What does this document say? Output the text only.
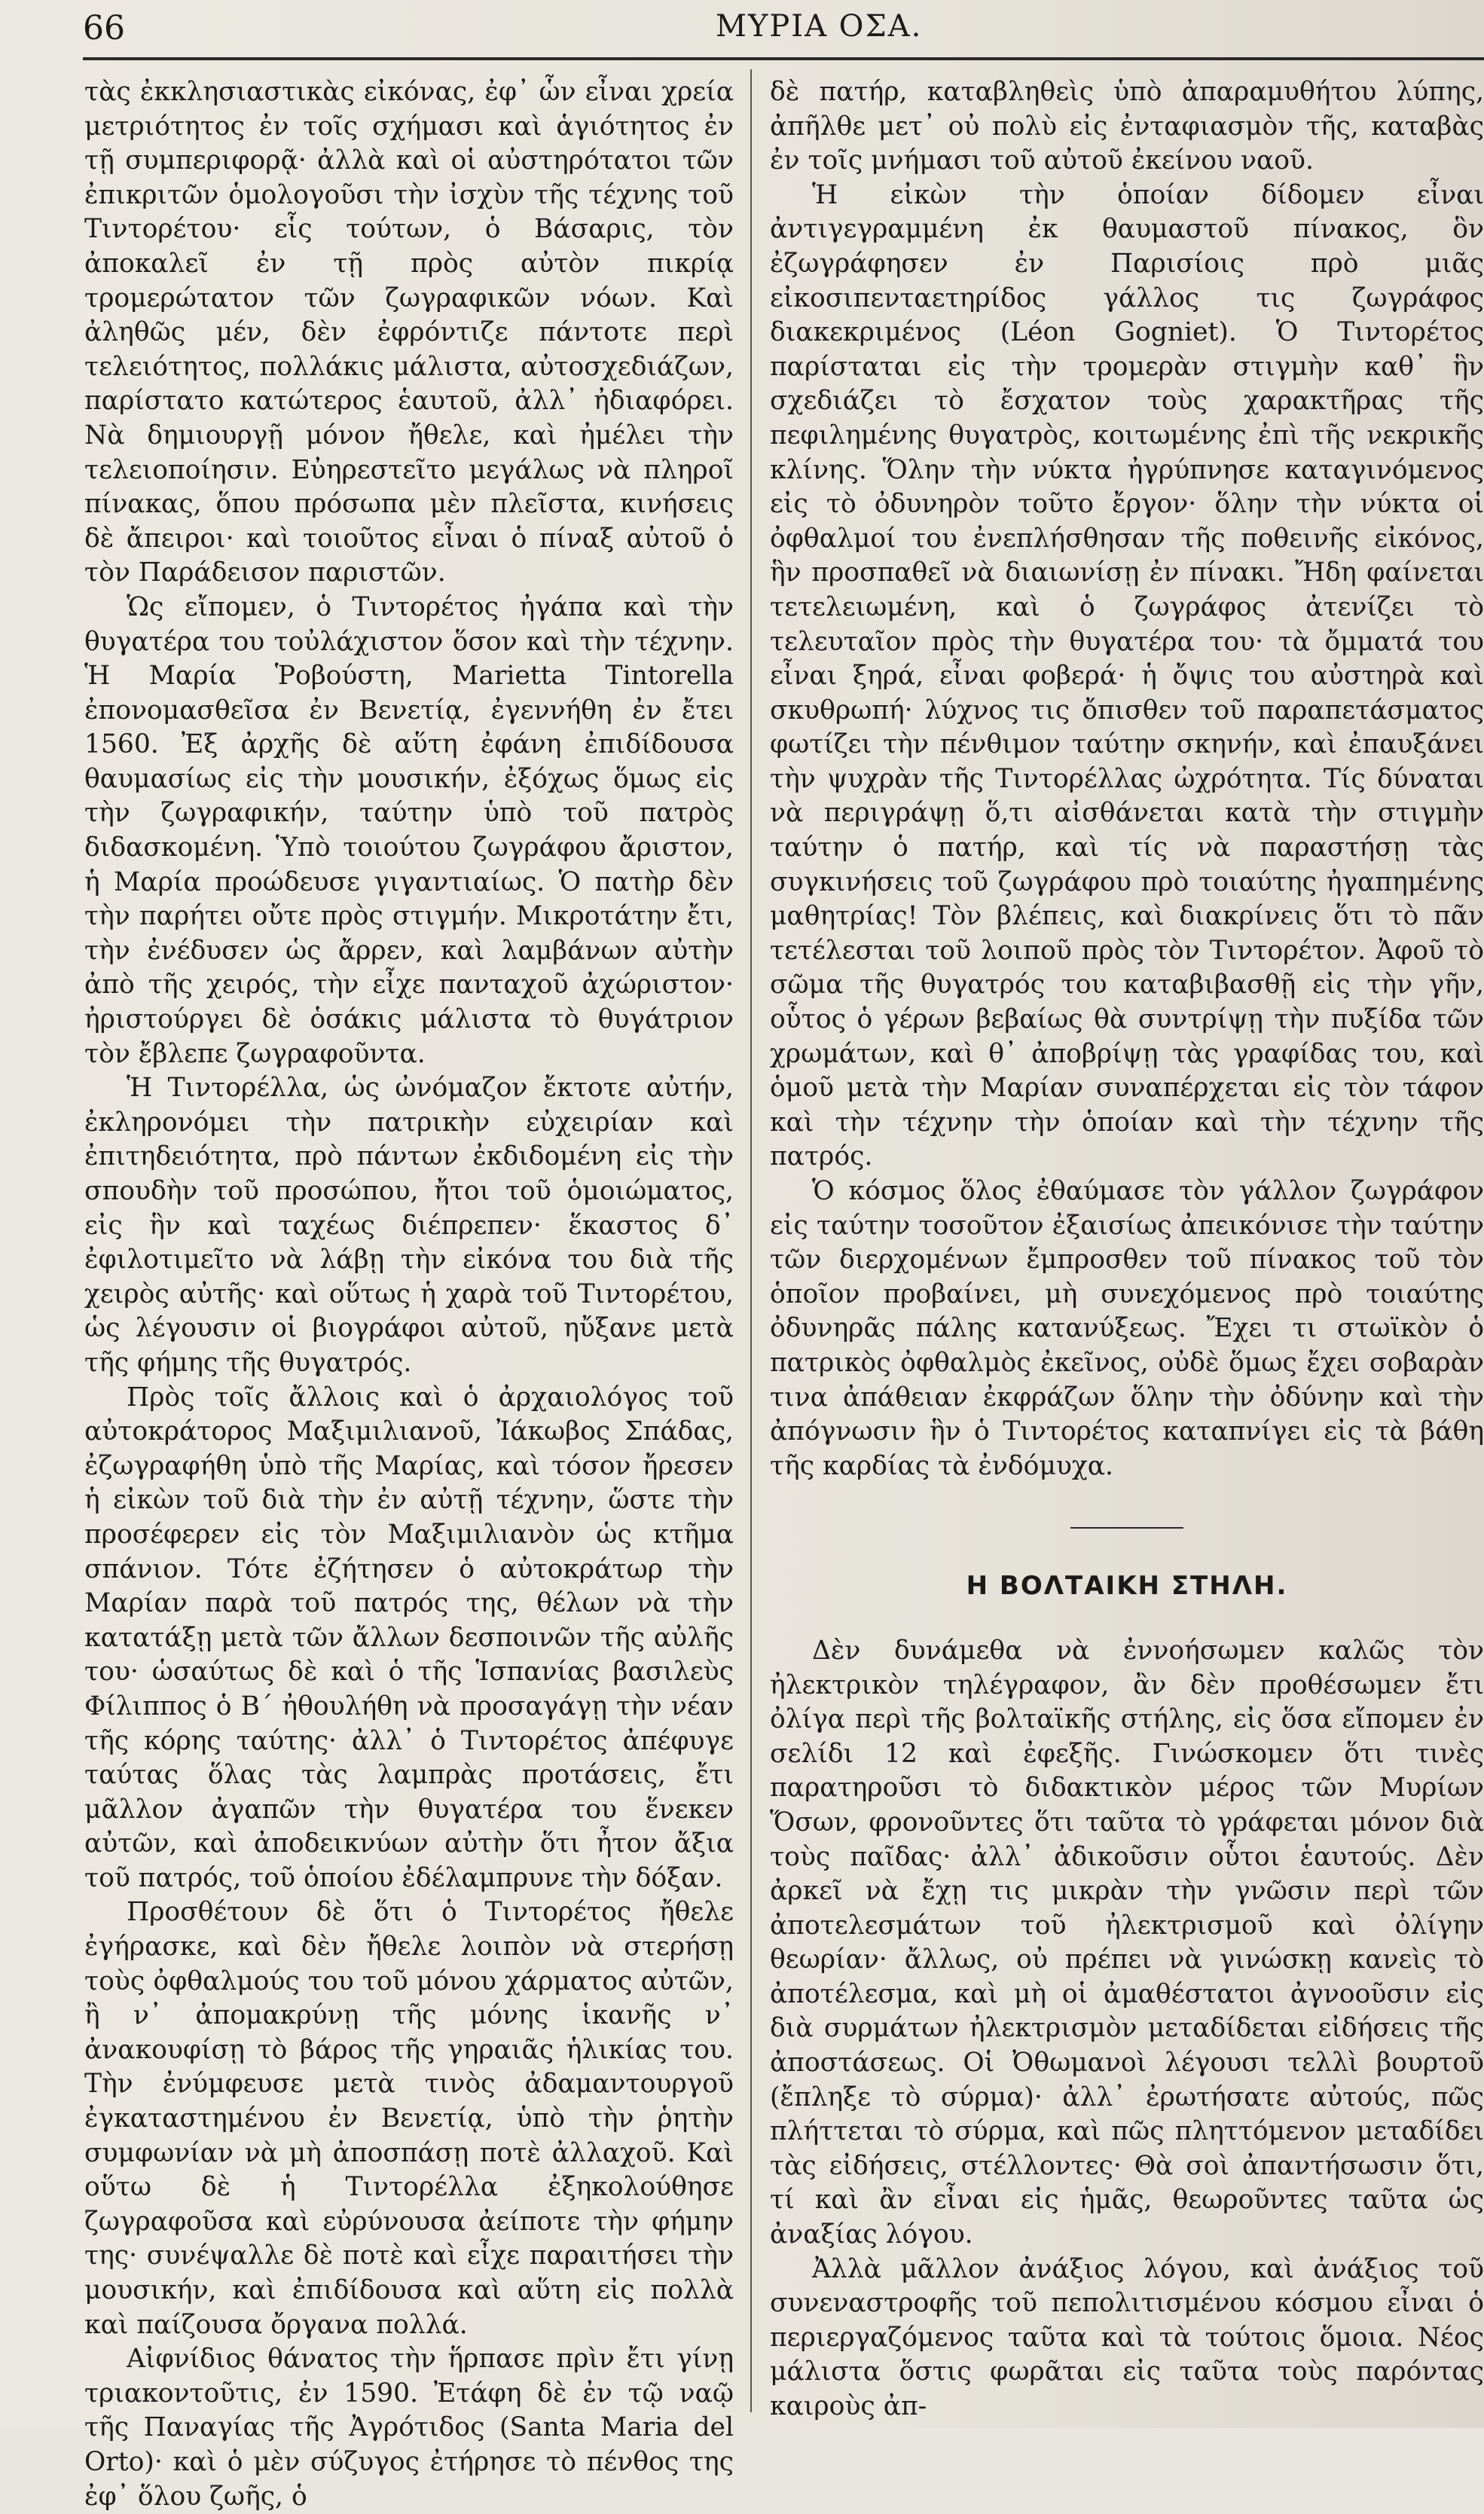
66	ΜΥΡΙΑ ΟΣΑ.

τὰς ἐκκλησιαστικὰς εἰκόνας, ἐφ᾽ ὧν εἶναι χρεία μετριότητος ἐν τοῖς σχήμασι καὶ ἁγιότητος ἐν τῇ συμπεριφορᾷ· ἀλλὰ καὶ οἱ αὐστηρότατοι τῶν ἐπικριτῶν ὁμολογοῦσι τὴν ἰσχὺν τῆς τέχνης τοῦ Τιντορέτου· εἷς τούτων, ὁ Βάσαρις, τὸν ἀποκαλεῖ ἐν τῇ πρὸς αὐτὸν πικρίᾳ τρομερώτατον τῶν ζωγραφικῶν νόων. Καὶ ἀληθῶς μέν, δὲν ἐφρόντιζε πάντοτε περὶ τελειότητος, πολλάκις μάλιστα, αὐτοσχεδιάζων, παρίστατο κατώτερος ἑαυτοῦ, ἀλλ᾽ ἠδιαφόρει. Νὰ δημιουργῇ μόνον ἤθελε, καὶ ἠμέλει τὴν τελειοποίησιν. Εὐηρεστεῖτο μεγάλως νὰ πληροῖ πίνακας, ὅπου πρόσωπα μὲν πλεῖστα, κινήσεις δὲ ἄπειροι· καὶ τοιοῦτος εἶναι ὁ πίναξ αὐτοῦ ὁ τὸν Παράδεισον παριστῶν.

Ὡς εἴπομεν, ὁ Τιντορέτος ἠγάπα καὶ τὴν θυγατέρα του τοὐλάχιστον ὅσον καὶ τὴν τέχνην. Ἡ Μαρία Ῥοβούστη, Marietta Tintorella ἐπονομασθεῖσα ἐν Βενετίᾳ, ἐγεννήθη ἐν ἔτει 1560. Ἐξ ἀρχῆς δὲ αὕτη ἐφάνη ἐπιδίδουσα θαυμασίως εἰς τὴν μουσικήν, ἐξόχως ὅμως εἰς τὴν ζωγραφικήν, ταύτην ὑπὸ τοῦ πατρὸς διδασκομένη. Ὑπὸ τοιούτου ζωγράφου ἄριστον, ἡ Μαρία προώδευσε γιγαντιαίως. Ὁ πατὴρ δὲν τὴν παρήτει οὔτε πρὸς στιγμήν. Μικροτάτην ἔτι, τὴν ἐνέδυσεν ὡς ἄρρεν, καὶ λαμβάνων αὐτὴν ἀπὸ τῆς χειρός, τὴν εἶχε πανταχοῦ ἀχώριστον· ἠριστούργει δὲ ὁσάκις μάλιστα τὸ θυγάτριον τὸν ἔβλεπε ζωγραφοῦντα.

Ἡ Τιντορέλλα, ὡς ὠνόμαζον ἔκτοτε αὐτήν, ἐκληρονόμει τὴν πατρικὴν εὐχειρίαν καὶ ἐπιτηδειότητα, πρὸ πάντων ἐκδιδομένη εἰς τὴν σπουδὴν τοῦ προσώπου, ἤτοι τοῦ ὁμοιώματος, εἰς ἣν καὶ ταχέως διέπρεπεν· ἕκαστος δ᾽ ἐφιλοτιμεῖτο νὰ λάβῃ τὴν εἰκόνα του διὰ τῆς χειρὸς αὐτῆς· καὶ οὕτως ἡ χαρὰ τοῦ Τιντορέτου, ὡς λέγουσιν οἱ βιογράφοι αὐτοῦ, ηὔξανε μετὰ τῆς φήμης τῆς θυγατρός.

Πρὸς τοῖς ἄλλοις καὶ ὁ ἀρχαιολόγος τοῦ αὐτοκράτορος Μαξιμιλιανοῦ, Ἰάκωβος Σπάδας, ἐζωγραφήθη ὑπὸ τῆς Μαρίας, καὶ τόσον ἤρεσεν ἡ εἰκὼν τοῦ διὰ τὴν ἐν αὐτῇ τέχνην, ὥστε τὴν προσέφερεν εἰς τὸν Μαξιμιλιανὸν ὡς κτῆμα σπάνιον. Τότε ἐζήτησεν ὁ αὐτοκράτωρ τὴν Μαρίαν παρὰ τοῦ πατρός της, θέλων νὰ τὴν κατατάξῃ μετὰ τῶν ἄλλων δεσποινῶν τῆς αὐλῆς του· ὡσαύτως δὲ καὶ ὁ τῆς Ἱσπανίας βασιλεὺς Φίλιππος ὁ Β´ ἠθουλήθη νὰ προσαγάγῃ τὴν νέαν τῆς κόρης ταύτης· ἀλλ᾽ ὁ Τιντορέτος ἀπέφυγε ταύτας ὅλας τὰς λαμπρὰς προτάσεις, ἔτι μᾶλλον ἀγαπῶν τὴν θυγατέρα του ἕνεκεν αὐτῶν, καὶ ἀποδεικνύων αὐτὴν ὅτι ἦτον ἄξια τοῦ πατρός, τοῦ ὁποίου ἐδέλαμπρυνε τὴν δόξαν.

Προσθέτουν δὲ ὅτι ὁ Τιντορέτος ἤθελε ἐγήρασκε, καὶ δὲν ἤθελε λοιπὸν νὰ στερήσῃ τοὺς ὀφθαλμούς του τοῦ μόνου χάρματος αὐτῶν, ἢ ν᾽ ἀπομακρύνῃ τῆς μόνης ἱκανῆς ν᾽ ἀνακουφίσῃ τὸ βάρος τῆς γηραιᾶς ἡλικίας του. Τὴν ἐνύμφευσε μετὰ τινὸς ἀδαμαντουργοῦ ἐγκαταστημένου ἐν Βενετίᾳ, ὑπὸ τὴν ῥητὴν συμφωνίαν νὰ μὴ ἀποσπάσῃ ποτὲ ἀλλαχοῦ. Καὶ οὕτω δὲ ἡ Τιντορέλλα ἐξηκολούθησε ζωγραφοῦσα καὶ εὐρύνουσα ἀείποτε τὴν φήμην της· συνέψαλλε δὲ ποτὲ καὶ εἶχε παραιτήσει τὴν μουσικήν, καὶ ἐπιδίδουσα καὶ αὕτη εἰς πολλὰ καὶ παίζουσα ὄργανα πολλά.

Αἰφνίδιος θάνατος τὴν ἥρπασε πρὶν ἔτι γίνῃ τριακοντοῦτις, ἐν 1590. Ἐτάφη δὲ ἐν τῷ ναῷ τῆς Παναγίας τῆς Ἀγρότιδος (Santa Maria del Orto)· καὶ ὁ μὲν σύζυγος ἐτήρησε τὸ πένθος της ἐφ᾽ ὅλου ζωῆς, ὁ

δὲ πατήρ, καταβληθεὶς ὑπὸ ἀπαραμυθήτου λύπης, ἀπῆλθε μετ᾽ οὐ πολὺ εἰς ἐνταφιασμὸν τῆς, καταβὰς ἐν τοῖς μνήμασι τοῦ αὐτοῦ ἐκείνου ναοῦ.

Ἡ εἰκὼν τὴν ὁποίαν δίδομεν εἶναι ἀντιγεγραμμένη ἐκ θαυμαστοῦ πίνακος, ὃν ἐζωγράφησεν ἐν Παρισίοις πρὸ μιᾶς εἰκοσιπενταετηρίδος γάλλος τις ζωγράφος διακεκριμένος (Léon Gogniet). Ὁ Τιντορέτος παρίσταται εἰς τὴν τρομερὰν στιγμὴν καθ᾽ ἣν σχεδιάζει τὸ ἔσχατον τοὺς χαρακτῆρας τῆς πεφιλημένης θυγατρὸς, κοιτωμένης ἐπὶ τῆς νεκρικῆς κλίνης. Ὅλην τὴν νύκτα ἠγρύπνησε καταγινόμενος εἰς τὸ ὀδυνηρὸν τοῦτο ἔργον· ὅλην τὴν νύκτα οἱ ὀφθαλμοί του ἐνεπλήσθησαν τῆς ποθεινῆς εἰκόνος, ἣν προσπαθεῖ νὰ διαιωνίσῃ ἐν πίνακι. Ἤδη φαίνεται τετελειωμένη, καὶ ὁ ζωγράφος ἀτενίζει τὸ τελευταῖον πρὸς τὴν θυγατέρα του· τὰ ὄμματά του εἶναι ξηρά, εἶναι φοβερά· ἡ ὄψις του αὐστηρὰ καὶ σκυθρωπή· λύχνος τις ὄπισθεν τοῦ παραπετάσματος φωτίζει τὴν πένθιμον ταύτην σκηνήν, καὶ ἐπαυξάνει τὴν ψυχρὰν τῆς Τιντορέλλας ὠχρότητα. Τίς δύναται νὰ περιγράψῃ ὅ,τι αἰσθάνεται κατὰ τὴν στιγμὴν ταύτην ὁ πατήρ, καὶ τίς νὰ παραστήσῃ τὰς συγκινήσεις τοῦ ζωγράφου πρὸ τοιαύτης ἠγαπημένης μαθητρίας! Τὸν βλέπεις, καὶ διακρίνεις ὅτι τὸ πᾶν τετέλεσται τοῦ λοιποῦ πρὸς τὸν Τιντορέτον. Ἀφοῦ τὸ σῶμα τῆς θυγατρός του καταβιβασθῇ εἰς τὴν γῆν, οὗτος ὁ γέρων βεβαίως θὰ συντρίψῃ τὴν πυξίδα τῶν χρωμάτων, καὶ θ᾽ ἀποβρίψῃ τὰς γραφίδας του, καὶ ὁμοῦ μετὰ τὴν Μαρίαν συναπέρχεται εἰς τὸν τάφον καὶ τὴν τέχνην τὴν ὁποίαν καὶ τὴν τέχνην τῆς πατρός.

Ὁ κόσμος ὅλος ἐθαύμασε τὸν γάλλον ζωγράφον εἰς ταύτην τοσοῦτον ἐξαισίως ἀπεικόνισε τὴν ταύτην τῶν διερχομένων ἔμπροσθεν τοῦ πίνακος τοῦ τὸν ὁποῖον προβαίνει, μὴ συνεχόμενος πρὸ τοιαύτης ὀδυνηρᾶς πάλης κατανύξεως. Ἔχει τι στωϊκὸν ὁ πατρικὸς ὀφθαλμὸς ἐκεῖνος, οὐδὲ ὅμως ἔχει σοβαρὰν τινα ἀπάθειαν ἐκφράζων ὅλην τὴν ὀδύνην καὶ τὴν ἀπόγνωσιν ἣν ὁ Τιντορέτος καταπνίγει εἰς τὰ βάθη τῆς καρδίας τὰ ἐνδόμυχα.

Η ΒΟΛΤΑΙΚΗ ΣΤΗΛΗ.

Δὲν δυνάμεθα νὰ ἐννοήσωμεν καλῶς τὸν ἠλεκτρικὸν τηλέγραφον, ἂν δὲν προθέσωμεν ἔτι ὀλίγα περὶ τῆς βολταϊκῆς στήλης, εἰς ὅσα εἴπομεν ἐν σελίδι 12 καὶ ἐφεξῆς. Γινώσκομεν ὅτι τινὲς παρατηροῦσι τὸ διδακτικὸν μέρος τῶν Μυρίων Ὅσων, φρονοῦντες ὅτι ταῦτα τὸ γράφεται μόνον διὰ τοὺς παῖδας· ἀλλ᾽ ἀδικοῦσιν οὗτοι ἑαυτούς. Δὲν ἀρκεῖ νὰ ἔχῃ τις μικρὰν τὴν γνῶσιν περὶ τῶν ἀποτελεσμάτων τοῦ ἠλεκτρισμοῦ καὶ ὀλίγην θεωρίαν· ἄλλως, οὐ πρέπει νὰ γινώσκῃ κανεὶς τὸ ἀποτέλεσμα, καὶ μὴ οἱ ἀμαθέστατοι ἀγνοοῦσιν εἰς διὰ συρμάτων ἠλεκτρισμὸν μεταδίδεται εἰδήσεις τῆς ἀποστάσεως. Οἱ Ὀθωμανοὶ λέγουσι τελλὶ βουρτοῦ (ἔπληξε τὸ σύρμα)· ἀλλ᾽ ἐρωτήσατε αὐτούς, πῶς πλήττεται τὸ σύρμα, καὶ πῶς πληττόμενον μεταδίδει τὰς εἰδήσεις, στέλλοντες· Θὰ σοὶ ἀπαντήσωσιν ὅτι, τί καὶ ἂν εἶναι εἰς ἡμᾶς, θεωροῦντες ταῦτα ὡς ἀναξίας λόγου.

Ἀλλὰ μᾶλλον ἀνάξιος λόγου, καὶ ἀνάξιος τοῦ συνεναστροφῆς τοῦ πεπολιτισμένου κόσμου εἶναι ὁ περιεργαζόμενος ταῦτα καὶ τὰ τούτοις ὅμοια. Νέος μάλιστα ὅστις φωρᾶται εἰς ταῦτα τοὺς παρόντας καιροὺς ἀπ-
